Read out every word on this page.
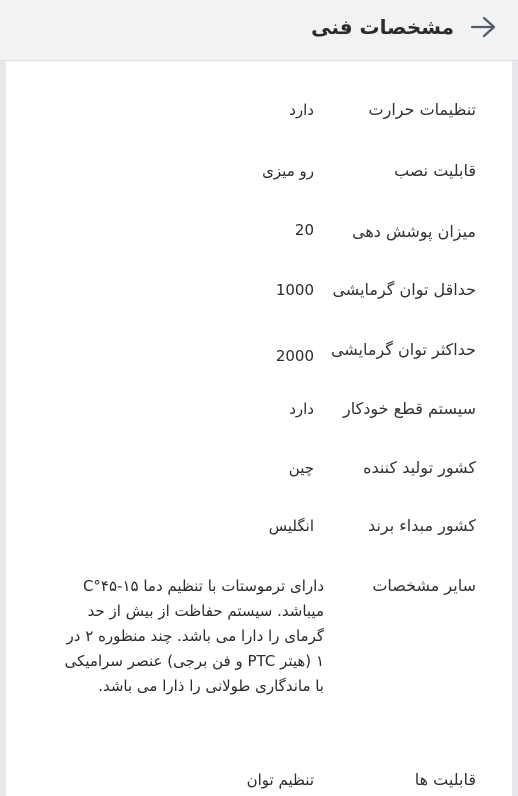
مشخصات فنی
تنظیمات حرارت
دارد
قابلیت نصب
رو میزی
میزان پوشش دهی
20
حداقل توان گرمایشی
1000
حداکثر توان گرمایشی
2000
سیستم قطع خودکار
دارد
کشور تولید کننده
چین
کشور مبداء برند
انگلیس
سایر مشخصات
دارای ترموستات با تنظیم دما ۱۵-۴۵°C میباشد. سیستم حفاظت از بیش از حد گرمای را دارا می باشد. چند منظوره ۲ در ۱ (هیتر PTC و فن برجی) عنصر سرامیکی با ماندگاری طولانی را ذارا می باشد.
قابلیت ها
تنظیم توان
